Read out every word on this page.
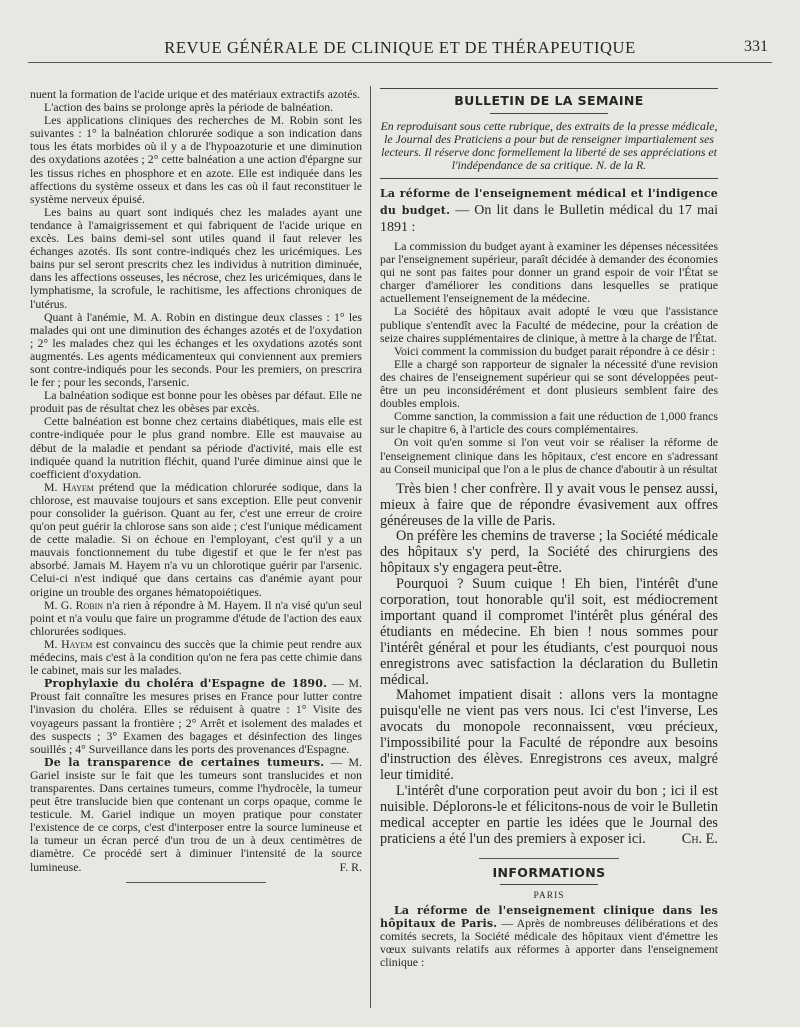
REVUE GÉNÉRALE DE CLINIQUE ET DE THÉRAPEUTIQUE	331

nuent la formation de l'acide urique et des matériaux extractifs azotés.

L'action des bains se prolonge après la période de balnéation.

Les applications cliniques des recherches de M. Robin sont les suivantes : 1° la balnéation chlorurée sodique a son indication dans tous les états morbides où il y a de l'hypoazoturie et une diminution des oxydations azotées ; 2° cette balnéation a une action d'épargne sur les tissus riches en phosphore et en azote. Elle est indiquée dans les affections du système osseux et dans les cas où il faut reconstituer le système nerveux épuisé.

Les bains au quart sont indiqués chez les malades ayant une tendance à l'amaigrissement et qui fabriquent de l'acide urique en excès. Les bains demi-sel sont utiles quand il faut relever les échanges azotés. Ils sont contre-indiqués chez les uricémiques. Les bains pur sel seront prescrits chez les individus à nutrition diminuée, dans les affections osseuses, les nécrose, chez les uricémiques, dans le lymphatisme, la scrofule, le rachitisme, les affections chroniques de l'utérus.

Quant à l'anémie, M. A. Robin en distingue deux classes : 1° les malades qui ont une diminution des échanges azotés et de l'oxydation ; 2° les malades chez qui les échanges et les oxydations azotés sont augmentés. Les agents médicamenteux qui conviennent aux premiers sont contre-indiqués pour les seconds. Pour les premiers, on prescrira le fer ; pour les seconds, l'arsenic.

La balnéation sodique est bonne pour les obèses par défaut. Elle ne produit pas de résultat chez les obèses par excès.

Cette balnéation est bonne chez certains diabétiques, mais elle est contre-indiquée pour le plus grand nombre. Elle est mauvaise au début de la maladie et pendant sa période d'activité, mais elle est indiquée quand la nutrition fléchit, quand l'urée diminue ainsi que le coefficient d'oxydation.

M. Hayem prétend que la médication chlorurée sodique, dans la chlorose, est mauvaise toujours et sans exception. Elle peut convenir pour consolider la guérison. Quant au fer, c'est une erreur de croire qu'on peut guérir la chlorose sans son aide ; c'est l'unique médicament de cette maladie. Si on échoue en l'employant, c'est qu'il y a un mauvais fonctionnement du tube digestif et que le fer n'est pas absorbé. Jamais M. Hayem n'a vu un chlorotique guérir par l'arsenic. Celui-ci n'est indiqué que dans certains cas d'anémie ayant pour origine un trouble des organes hématopoiétiques.

M. G. Robin n'a rien à répondre à M. Hayem. Il n'a visé qu'un seul point et n'a voulu que faire un programme d'étude de l'action des eaux chlorurées sodiques.

M. Hayem est convaincu des succès que la chimie peut rendre aux médecins, mais c'est à la condition qu'on ne fera pas cette chimie dans le cabinet, mais sur les malades.

Prophylaxie du choléra d'Espagne de 1890. — M. Proust fait connaître les mesures prises en France pour lutter contre l'invasion du choléra. Elles se réduisent à quatre : 1° Visite des voyageurs passant la frontière ; 2° Arrêt et isolement des malades et des suspects ; 3° Examen des bagages et désinfection des linges souillés ; 4° Surveillance dans les ports des provenances d'Espagne.

De la transparence de certaines tumeurs. — M. Gariel insiste sur le fait que les tumeurs sont translucides et non transparentes. Dans certaines tumeurs, comme l'hydrocèle, la tumeur peut être translucide bien que contenant un corps opaque, comme le testicule. M. Gariel indique un moyen pratique pour constater l'existence de ce corps, c'est d'interposer entre la source lumineuse et la tumeur un écran percé d'un trou de un à deux centimètres de diamètre. Ce procédé sert à diminuer l'intensité de la source lumineuse.	F. R.

BULLETIN DE LA SEMAINE

En reproduisant sous cette rubrique, des extraits de la presse médicale, le Journal des Praticiens a pour but de renseigner impartialement ses lecteurs. Il réserve donc formellement la liberté de ses appréciations et l'indépendance de sa critique. N. de la R.

La réforme de l'enseignement médical et l'indigence du budget. — On lit dans le Bulletin médical du 17 mai 1891 :

La commission du budget ayant à examiner les dépenses nécessitées par l'enseignement supérieur, paraît décidée à demander des économies qui ne sont pas faites pour donner un grand espoir de voir l'État se charger d'améliorer les conditions dans lesquelles se pratique actuellement l'enseignement de la médecine.

La Société des hôpitaux avait adopté le vœu que l'assistance publique s'entendît avec la Faculté de médecine, pour la création de seize chaires supplémentaires de clinique, à mettre à la charge de l'État.

Voici comment la commission du budget parait répondre à ce désir :

Elle a chargé son rapporteur de signaler la nécessité d'une revision des chaires de l'enseignement supérieur qui se sont développées peut-être un peu inconsidérément et dont plusieurs semblent faire des doubles emplois.

Comme sanction, la commission a fait une réduction de 1,000 francs sur le chapitre 6, à l'article des cours complémentaires.

On voit qu'en somme si l'on veut voir se réaliser la réforme de l'enseignement clinique dans les hôpitaux, c'est encore en s'adressant au Conseil municipal que l'on a le plus de chance d'aboutir à un résultat

Très bien ! cher confrère. Il y avait vous le pensez aussi, mieux à faire que de répondre évasivement aux offres généreuses de la ville de Paris.

On préfère les chemins de traverse ; la Société médicale des hôpitaux s'y perd, la Société des chirurgiens des hôpitaux s'y engagera peut-être.

Pourquoi ? Suum cuique ! Eh bien, l'intérêt d'une corporation, tout honorable qu'il soit, est médiocrement important quand il compromet l'intérêt plus général des étudiants en médecine. Eh bien ! nous sommes pour l'intérêt général et pour les étudiants, c'est pourquoi nous enregistrons avec satisfaction la déclaration du Bulletin médical.

Mahomet impatient disait : allons vers la montagne puisqu'elle ne vient pas vers nous. Ici c'est l'inverse, Les avocats du monopole reconnaissent, vœu précieux, l'impossibilité pour la Faculté de répondre aux besoins d'instruction des élèves. Enregistrons ces aveux, malgré leur timidité.

L'intérêt d'une corporation peut avoir du bon ; ici il est nuisible. Déplorons-le et félicitons-nous de voir le Bulletin medical accepter en partie les idées que le Journal des praticiens a été l'un des premiers à exposer ici.	Ch. E.

INFORMATIONS
PARIS

La réforme de l'enseignement clinique dans les hôpitaux de Paris. — Après de nombreuses délibérations et des comités secrets, la Société médicale des hôpitaux vient d'émettre les vœux suivants relatifs aux réformes à apporter dans l'enseignement clinique :
